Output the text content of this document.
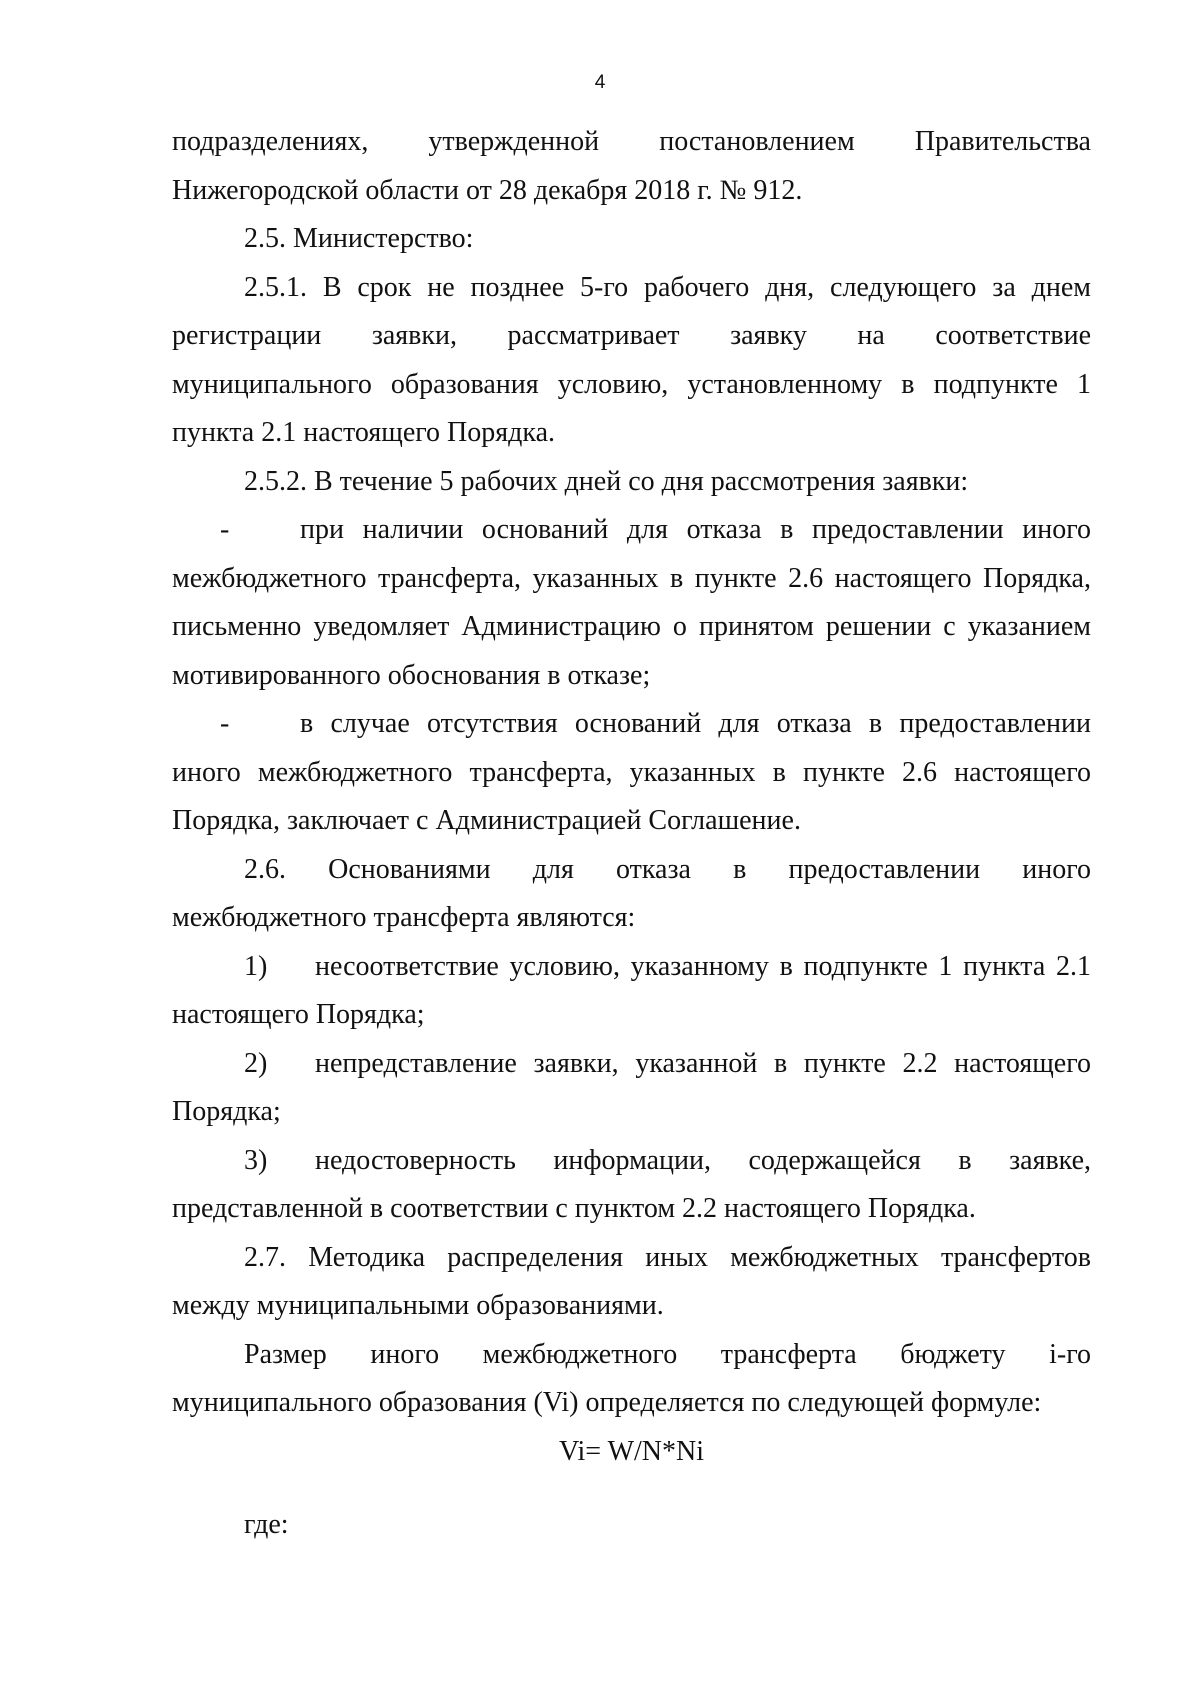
4

подразделениях, утвержденной постановлением Правительства

Нижегородской области от 28 декабря 2018 г. № 912.

2.5. Министерство:

2.5.1. В срок не позднее 5-го рабочего дня, следующего за днем

регистрации заявки, рассматривает заявку на соответствие

муниципального образования условию, установленному в подпункте 1

пункта 2.1 настоящего Порядка.

2.5.2. В течение 5 рабочих дней со дня рассмотрения заявки:

-	при наличии оснований для отказа в предоставлении иного

межбюджетного трансферта, указанных в пункте 2.6 настоящего Порядка,

письменно уведомляет Администрацию о принятом решении с указанием

мотивированного обоснования в отказе;

-	в случае отсутствия оснований для отказа в предоставлении

иного межбюджетного трансферта, указанных в пункте 2.6 настоящего

Порядка, заключает с Администрацией Соглашение.

2.6. Основаниями для отказа в предоставлении иного

межбюджетного трансферта являются:

1) несоответствие условию, указанному в подпункте 1 пункта 2.1

настоящего Порядка;

2) непредставление заявки, указанной в пункте 2.2 настоящего

Порядка;

3) недостоверность информации, содержащейся в заявке,

представленной в соответствии с пунктом 2.2 настоящего Порядка.

2.7. Методика распределения иных межбюджетных трансфертов

между муниципальными образованиями.

Размер иного межбюджетного трансферта бюджету i-го

муниципального образования (Vi) определяется по следующей формуле:

Vi= W/N*Ni

где:
